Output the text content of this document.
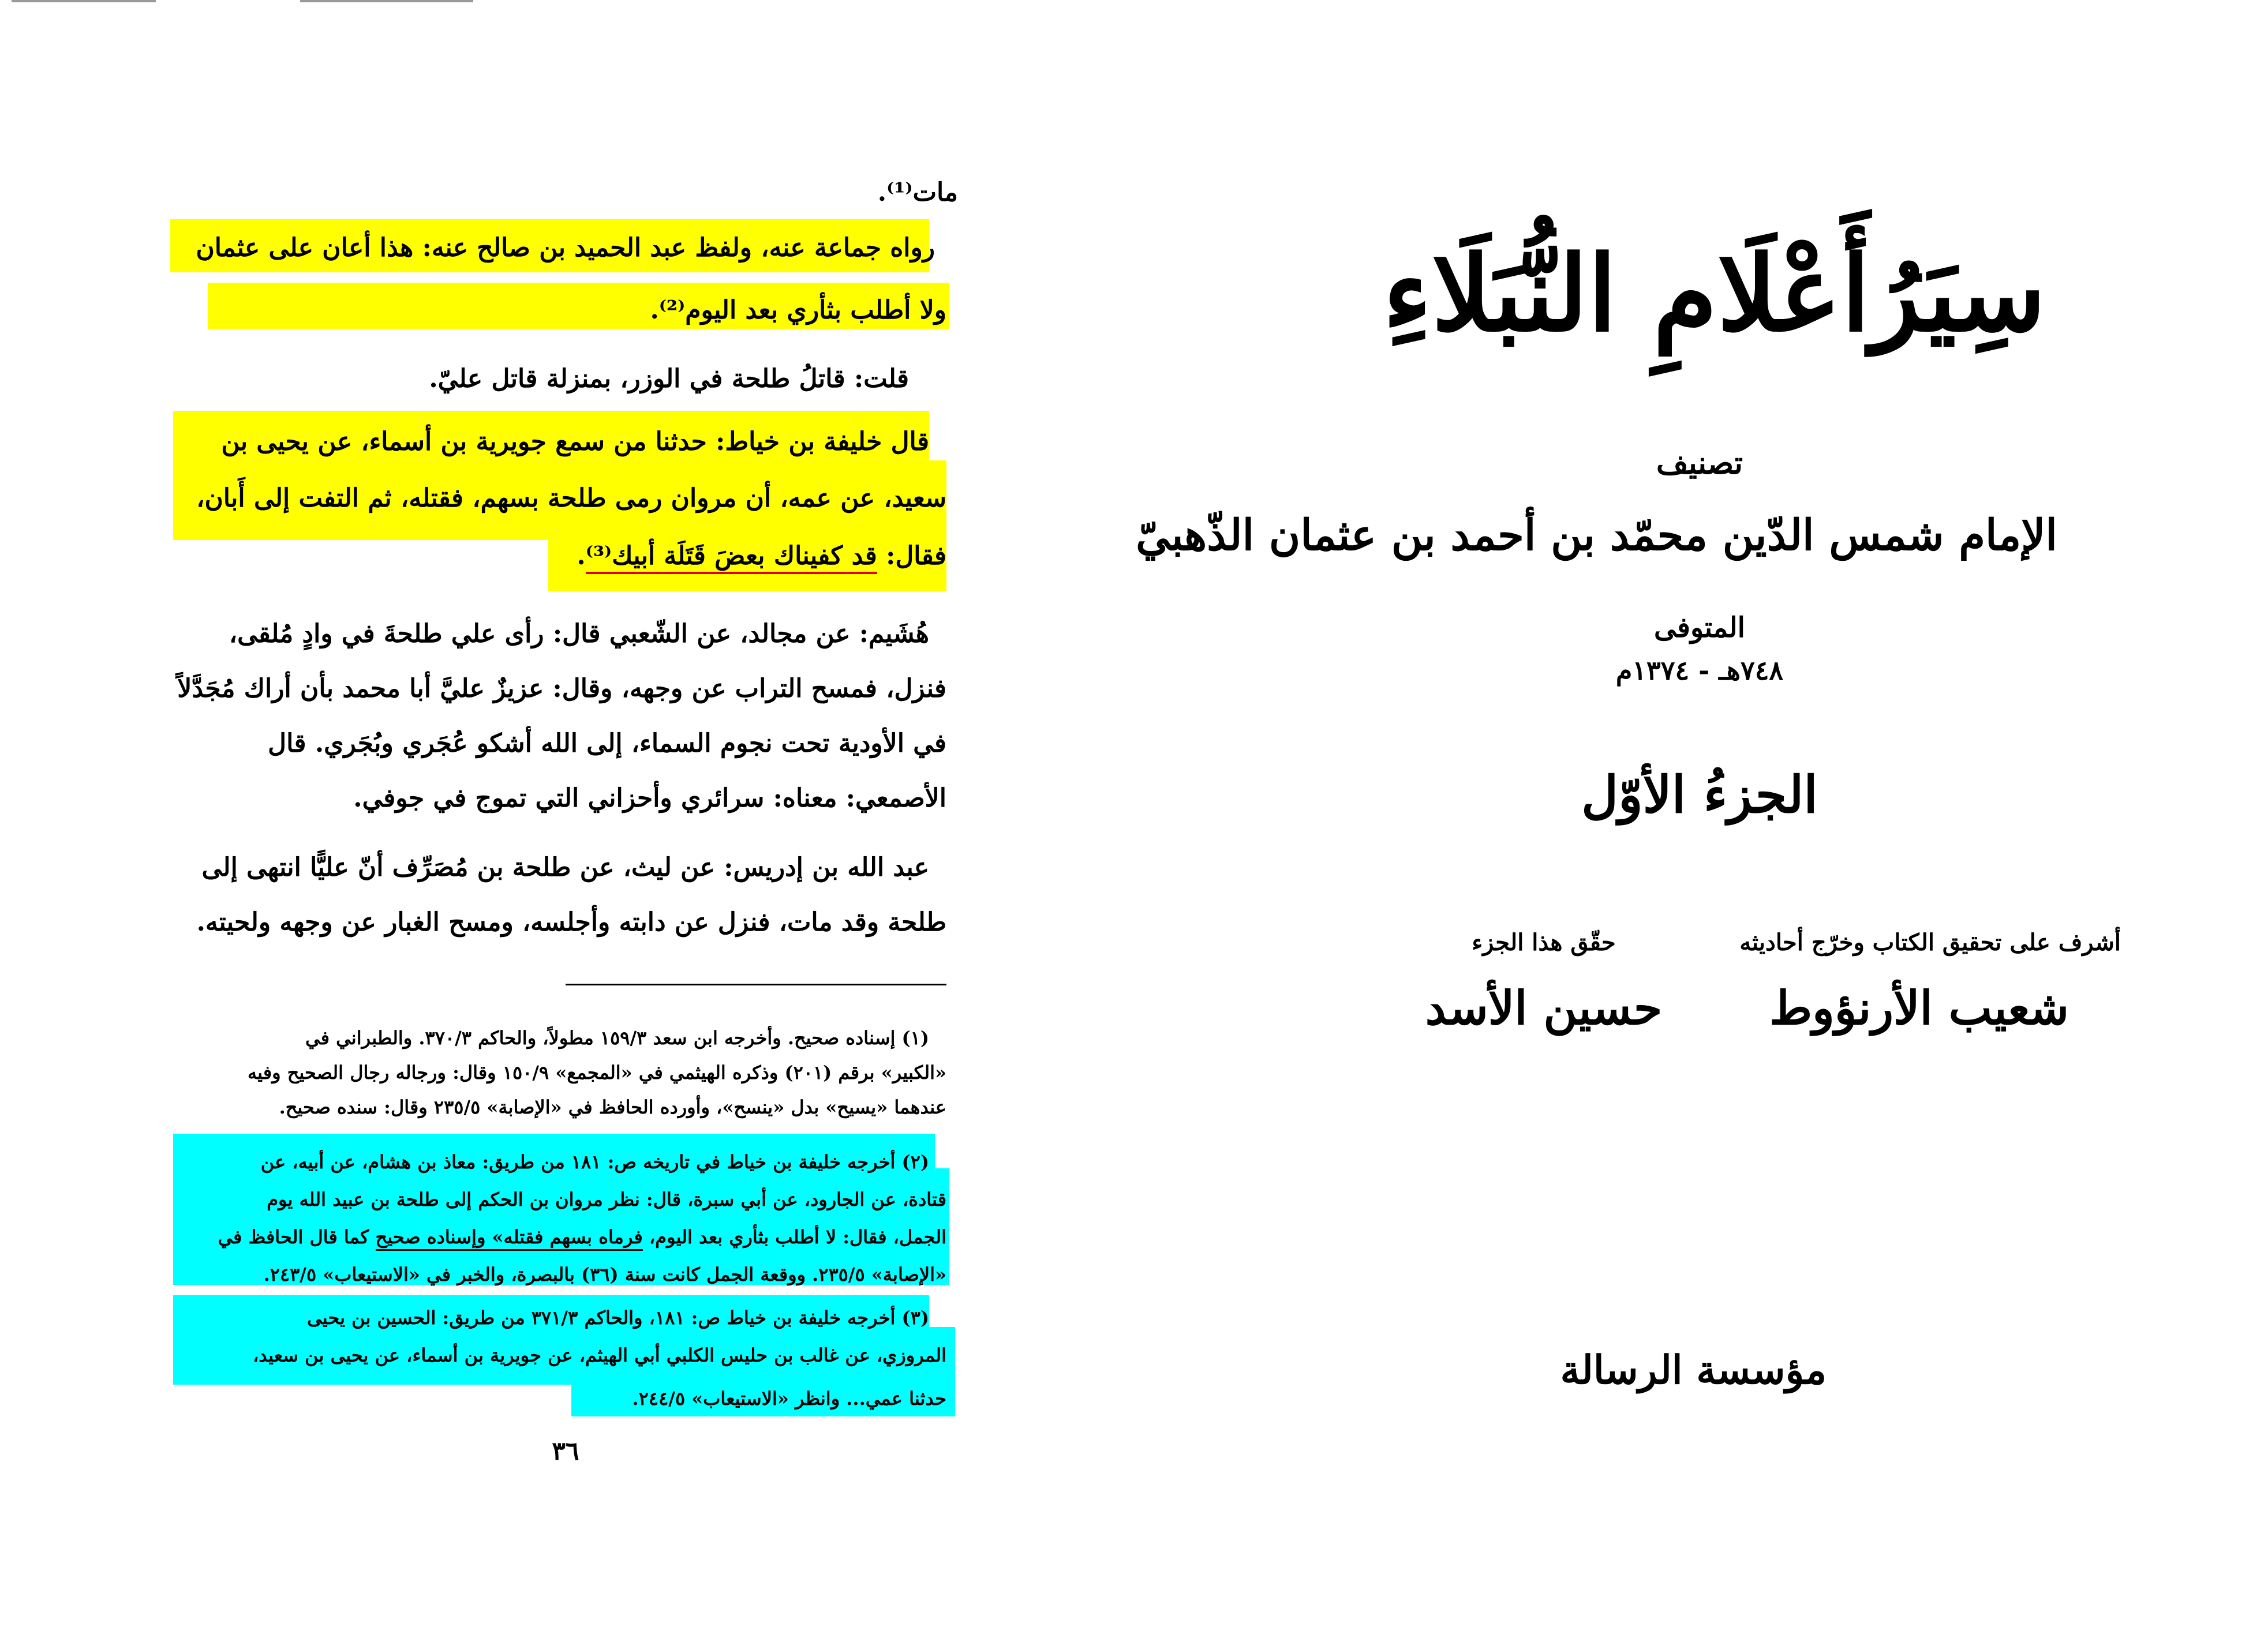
مات⁽¹⁾.
رواه جماعة عنه، ولفظ عبد الحميد بن صالح عنه: هذا أعان على عثمان
ولا أطلب بثأري بعد اليوم⁽²⁾.
قلت: قاتلُ طلحة في الوزر، بمنزلة قاتل عليّ.
قال خليفة بن خياط: حدثنا من سمع جويرية بن أسماء، عن يحيى بن
سعيد، عن عمه، أن مروان رمى طلحة بسهم، فقتله، ثم التفت إلى أَبان،
فقال: قد كفيناك بعضَ قَتَلَة أبيك⁽³⁾.
هُشَيم: عن مجالد، عن الشّعبي قال: رأى علي طلحةَ في وادٍ مُلقى،
فنزل، فمسح التراب عن وجهه، وقال: عزيزٌ عليَّ أبا محمد بأن أراك مُجَدَّلاً
في الأودية تحت نجوم السماء، إلى الله أشكو عُجَري وبُجَري. قال
الأصمعي: معناه: سرائري وأحزاني التي تموج في جوفي.
عبد الله بن إدريس: عن ليث، عن طلحة بن مُصَرِّف أنّ عليًّا انتهى إلى
طلحة وقد مات، فنزل عن دابته وأجلسه، ومسح الغبار عن وجهه ولحيته.
(١) إسناده صحيح. وأخرجه ابن سعد ١٥٩/٣ مطولاً، والحاكم ٣٧٠/٣. والطبراني في
«الكبير» برقم (٢٠١) وذكره الهيثمي في «المجمع» ١٥٠/٩ وقال: ورجاله رجال الصحيح وفيه
عندهما «يسيح» بدل «ينسح»، وأورده الحافظ في «الإصابة» ٢٣٥/٥ وقال: سنده صحيح.
(٢) أخرجه خليفة بن خياط في تاريخه ص: ١٨١ من طريق: معاذ بن هشام، عن أبيه، عن
قتادة، عن الجارود، عن أبي سبرة، قال: نظر مروان بن الحكم إلى طلحة بن عبيد الله يوم
الجمل، فقال: لا أطلب بثأري بعد اليوم، فرماه بسهم فقتله» وإسناده صحيح كما قال الحافظ في
«الإصابة» ٢٣٥/٥. ووقعة الجمل كانت سنة (٣٦) بالبصرة، والخبر في «الاستيعاب» ٢٤٣/٥.
(٣) أخرجه خليفة بن خياط ص: ١٨١، والحاكم ٣٧١/٣ من طريق: الحسين بن يحيى
المروزي، عن غالب بن حليس الكلبي أبي الهيثم، عن جويرية بن أسماء، عن يحيى بن سعيد،
حدثنا عمي... وانظر «الاستيعاب» ٢٤٤/٥.
٣٦
سِيَرُأَعْلَامِ النُّبَلَاءِ
تصنيف
الإمام شمس الدّين محمّد بن أحمد بن عثمان الذّهبيّ
المتوفى
٧٤٨هـ - ١٣٧٤م
الجزءُ الأوّل
أشرف على تحقيق الكتاب وخرّج أحاديثه
شعيب الأرنؤوط
حقّق هذا الجزء
حسين الأسد
مؤسسة الرسالة
